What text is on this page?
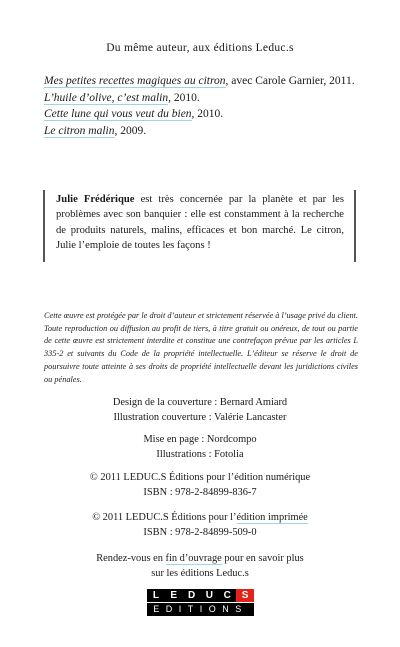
Du même auteur, aux éditions Leduc.s
Mes petites recettes magiques au citron, avec Carole Garnier, 2011.
L’huile d’olive, c’est malin, 2010.
Cette lune qui vous veut du bien, 2010.
Le citron malin, 2009.
Julie Frédérique est très concernée par la planète et par les problèmes avec son banquier : elle est constamment à la recherche de produits naturels, malins, efficaces et bon marché. Le citron, Julie l’emploie de toutes les façons !
Cette œuvre est protégée par le droit d’auteur et strictement réservée à l’usage privé du client. Toute reproduction ou diffusion au profit de tiers, à titre gratuit ou onéreux, de tout ou partie de cette œuvre est strictement interdite et constitue une contrefaçon prévue par les articles L 335-2 et suivants du Code de la propriété intellectuelle. L’éditeur se réserve le droit de poursuivre toute atteinte à ses droits de propriété intellectuelle devant les juridictions civiles ou pénales.
Design de la couverture : Bernard Amiard
Illustration couverture : Valérie Lancaster
Mise en page : Nordcompo
Illustrations : Fotolia
© 2011 LEDUC.S Éditions pour l’édition numérique
ISBN : 978-2-84899-836-7
© 2011 LEDUC.S Éditions pour l’édition imprimée
ISBN : 978-2-84899-509-0
Rendez-vous en fin d’ouvrage pour en savoir plus
sur les éditions Leduc.s
L	E	D	U	C	S
EDITIONS
